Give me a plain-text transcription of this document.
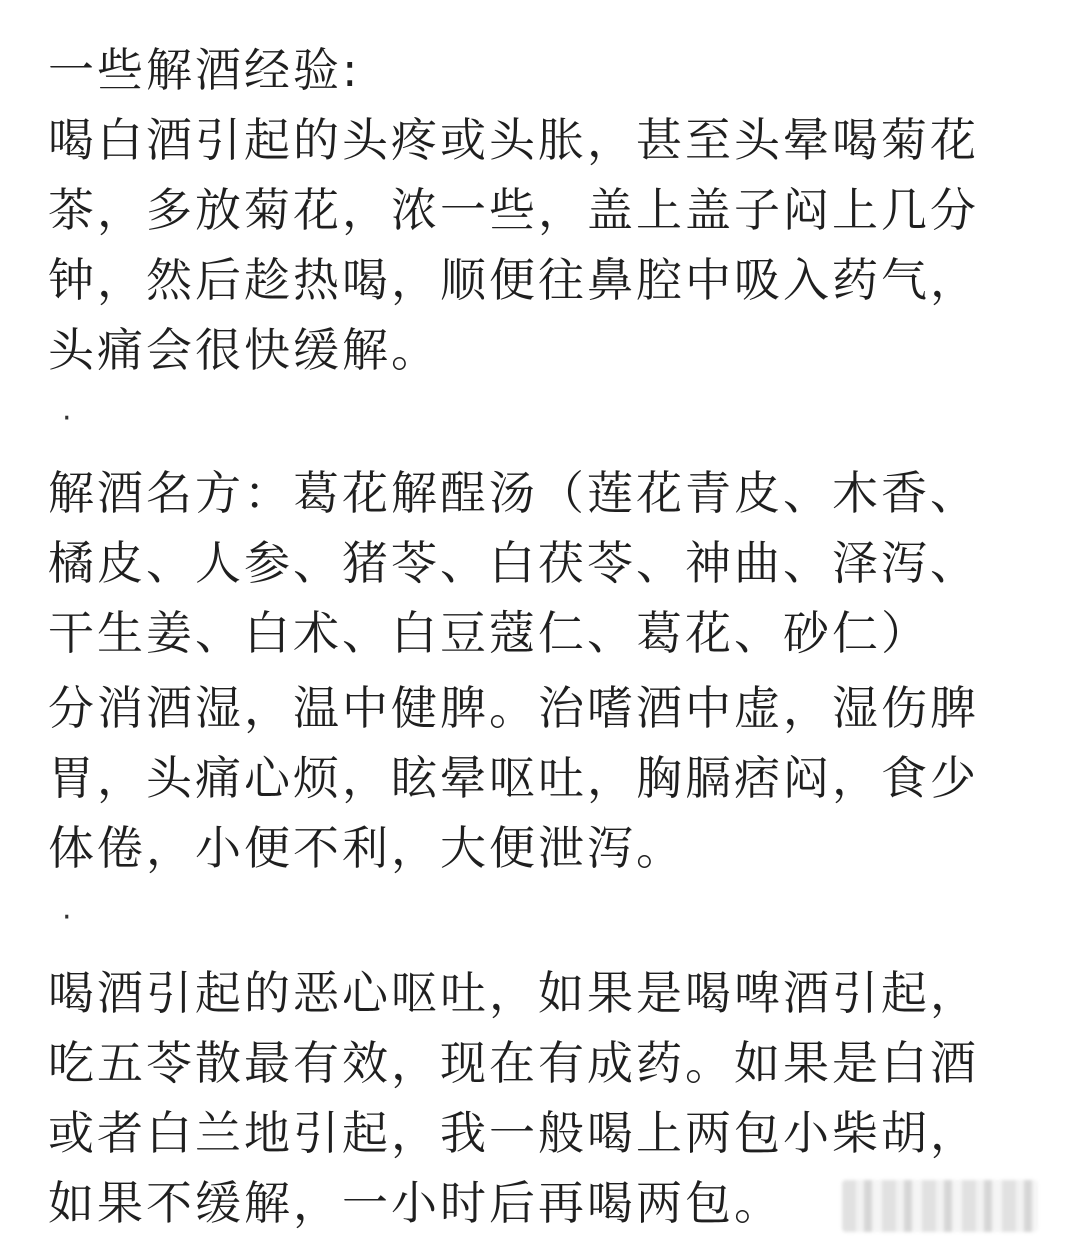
一些解酒经验:

喝白酒引起的头疼或头胀，甚至头晕喝菊花

茶，多放菊花，浓一些，盖上盖子闷上几分

钟，然后趁热喝，顺便往鼻腔中吸入药气，

头痛会很快缓解。

·

解酒名方：葛花解酲汤（莲花青皮、木香、

橘皮、人参、猪苓、白茯苓、神曲、泽泻、

干生姜、白术、白豆蔻仁、葛花、砂仁）

分消酒湿，温中健脾。治嗜酒中虚，湿伤脾

胃，头痛心烦，眩晕呕吐，胸膈痞闷，食少

体倦，小便不利，大便泄泻。

·

喝酒引起的恶心呕吐，如果是喝啤酒引起，

吃五苓散最有效，现在有成药。如果是白酒

或者白兰地引起，我一般喝上两包小柴胡，

如果不缓解，一小时后再喝两包。
